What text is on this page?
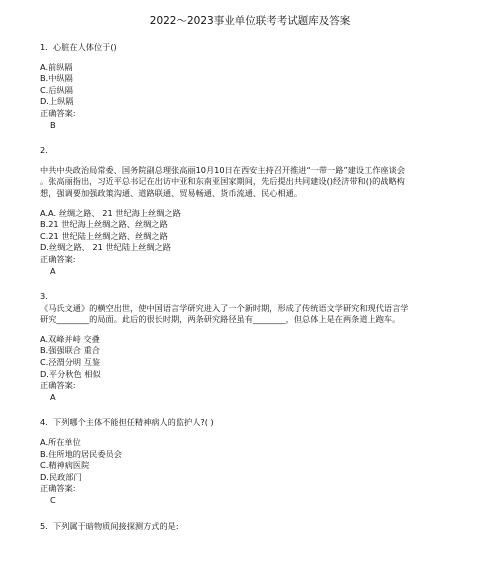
2022～2023事业单位联考考试题库及答案
1. 心脏在人体位于()
A.前纵隔
B.中纵隔
C.后纵隔
D.上纵隔
正确答案:
B
2.
中共中央政治局常委、国务院副总理张高丽10月10日在西安主持召开推进“一带一路”建设工作座谈会
。张高丽指出，习近平总书记在出访中亚和东南亚国家期间，先后提出共同建设()经济带和()的战略构
想，强调要加强政策沟通、道路联通、贸易畅通、货币流通、民心相通。
A.A. 丝绸之路、 21 世纪海上丝绸之路
B.21 世纪海上丝绸之路、丝绸之路
C.21 世纪陆上丝绸之路、丝绸之路
D.丝绸之路、 21 世纪陆上丝绸之路
正确答案:
A
3.
《马氏文通》的横空出世，使中国语言学研究进入了一个新时期，形成了传统语文学研究和现代语言学
研究________的局面。此后的很长时期，两条研究路径虽有________，但总体上是在两条道上跑车。
A.双峰并峙 交叠
B.强强联合 重合
C.泾渭分明 互鉴
D.平分秋色 相似
正确答案:
A
4. 下列哪个主体不能担任精神病人的监护人?( )
A.所在单位
B.住所地的居民委员会
C.精神病医院
D.民政部门
正确答案:
C
5. 下列属于暗物质间接探测方式的是:
